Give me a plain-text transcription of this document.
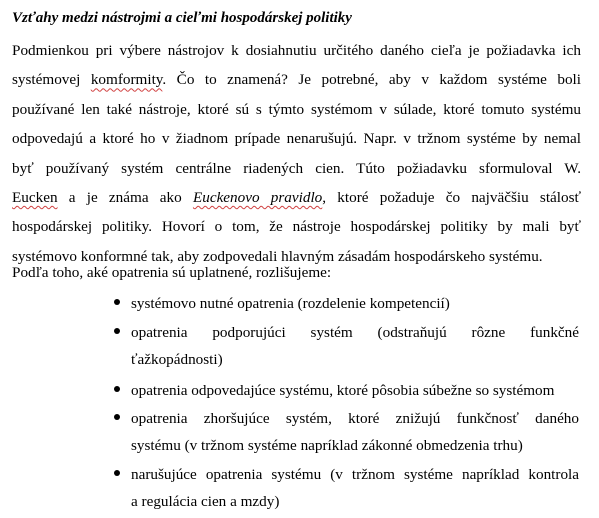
Vzťahy medzi nástrojmi a cieľmi hospodárskej politiky
Podmienkou pri výbere nástrojov k dosiahnutiu určitého daného cieľa je požiadavka ich
systémovej komformity. Čo to znamená? Je potrebné, aby v každom systéme boli
používané len také nástroje, ktoré sú s týmto systémom v súlade, ktoré tomuto systému
odpovedajú a ktoré ho v žiadnom prípade nenarušujú. Napr. v tržnom systéme by nemal
byť používaný systém centrálne riadených cien. Túto požiadavku sformuloval W.
Eucken a je známa ako Euckenovo pravidlo, ktoré požaduje čo najväčšiu stálosť
hospodárskej politiky. Hovorí o tom, že nástroje hospodárskej politiky by mali byť
systémovo konformné tak, aby zodpovedali hlavným zásadám hospodárskeho systému.
Podľa toho, aké opatrenia sú uplatnené, rozlišujeme:
systémovo nutné opatrenia (rozdelenie kompetencií)
opatrenia podporujúci systém (odstraňujú rôzne funkčné
ťažkopádnosti)
opatrenia odpovedajúce systému, ktoré pôsobia súbežne so systémom
opatrenia zhoršujúce systém, ktoré znižujú funkčnosť daného
systému (v tržnom systéme napríklad zákonné obmedzenia trhu)
narušujúce opatrenia systému (v tržnom systéme napríklad kontrola
a regulácia cien a mzdy)
